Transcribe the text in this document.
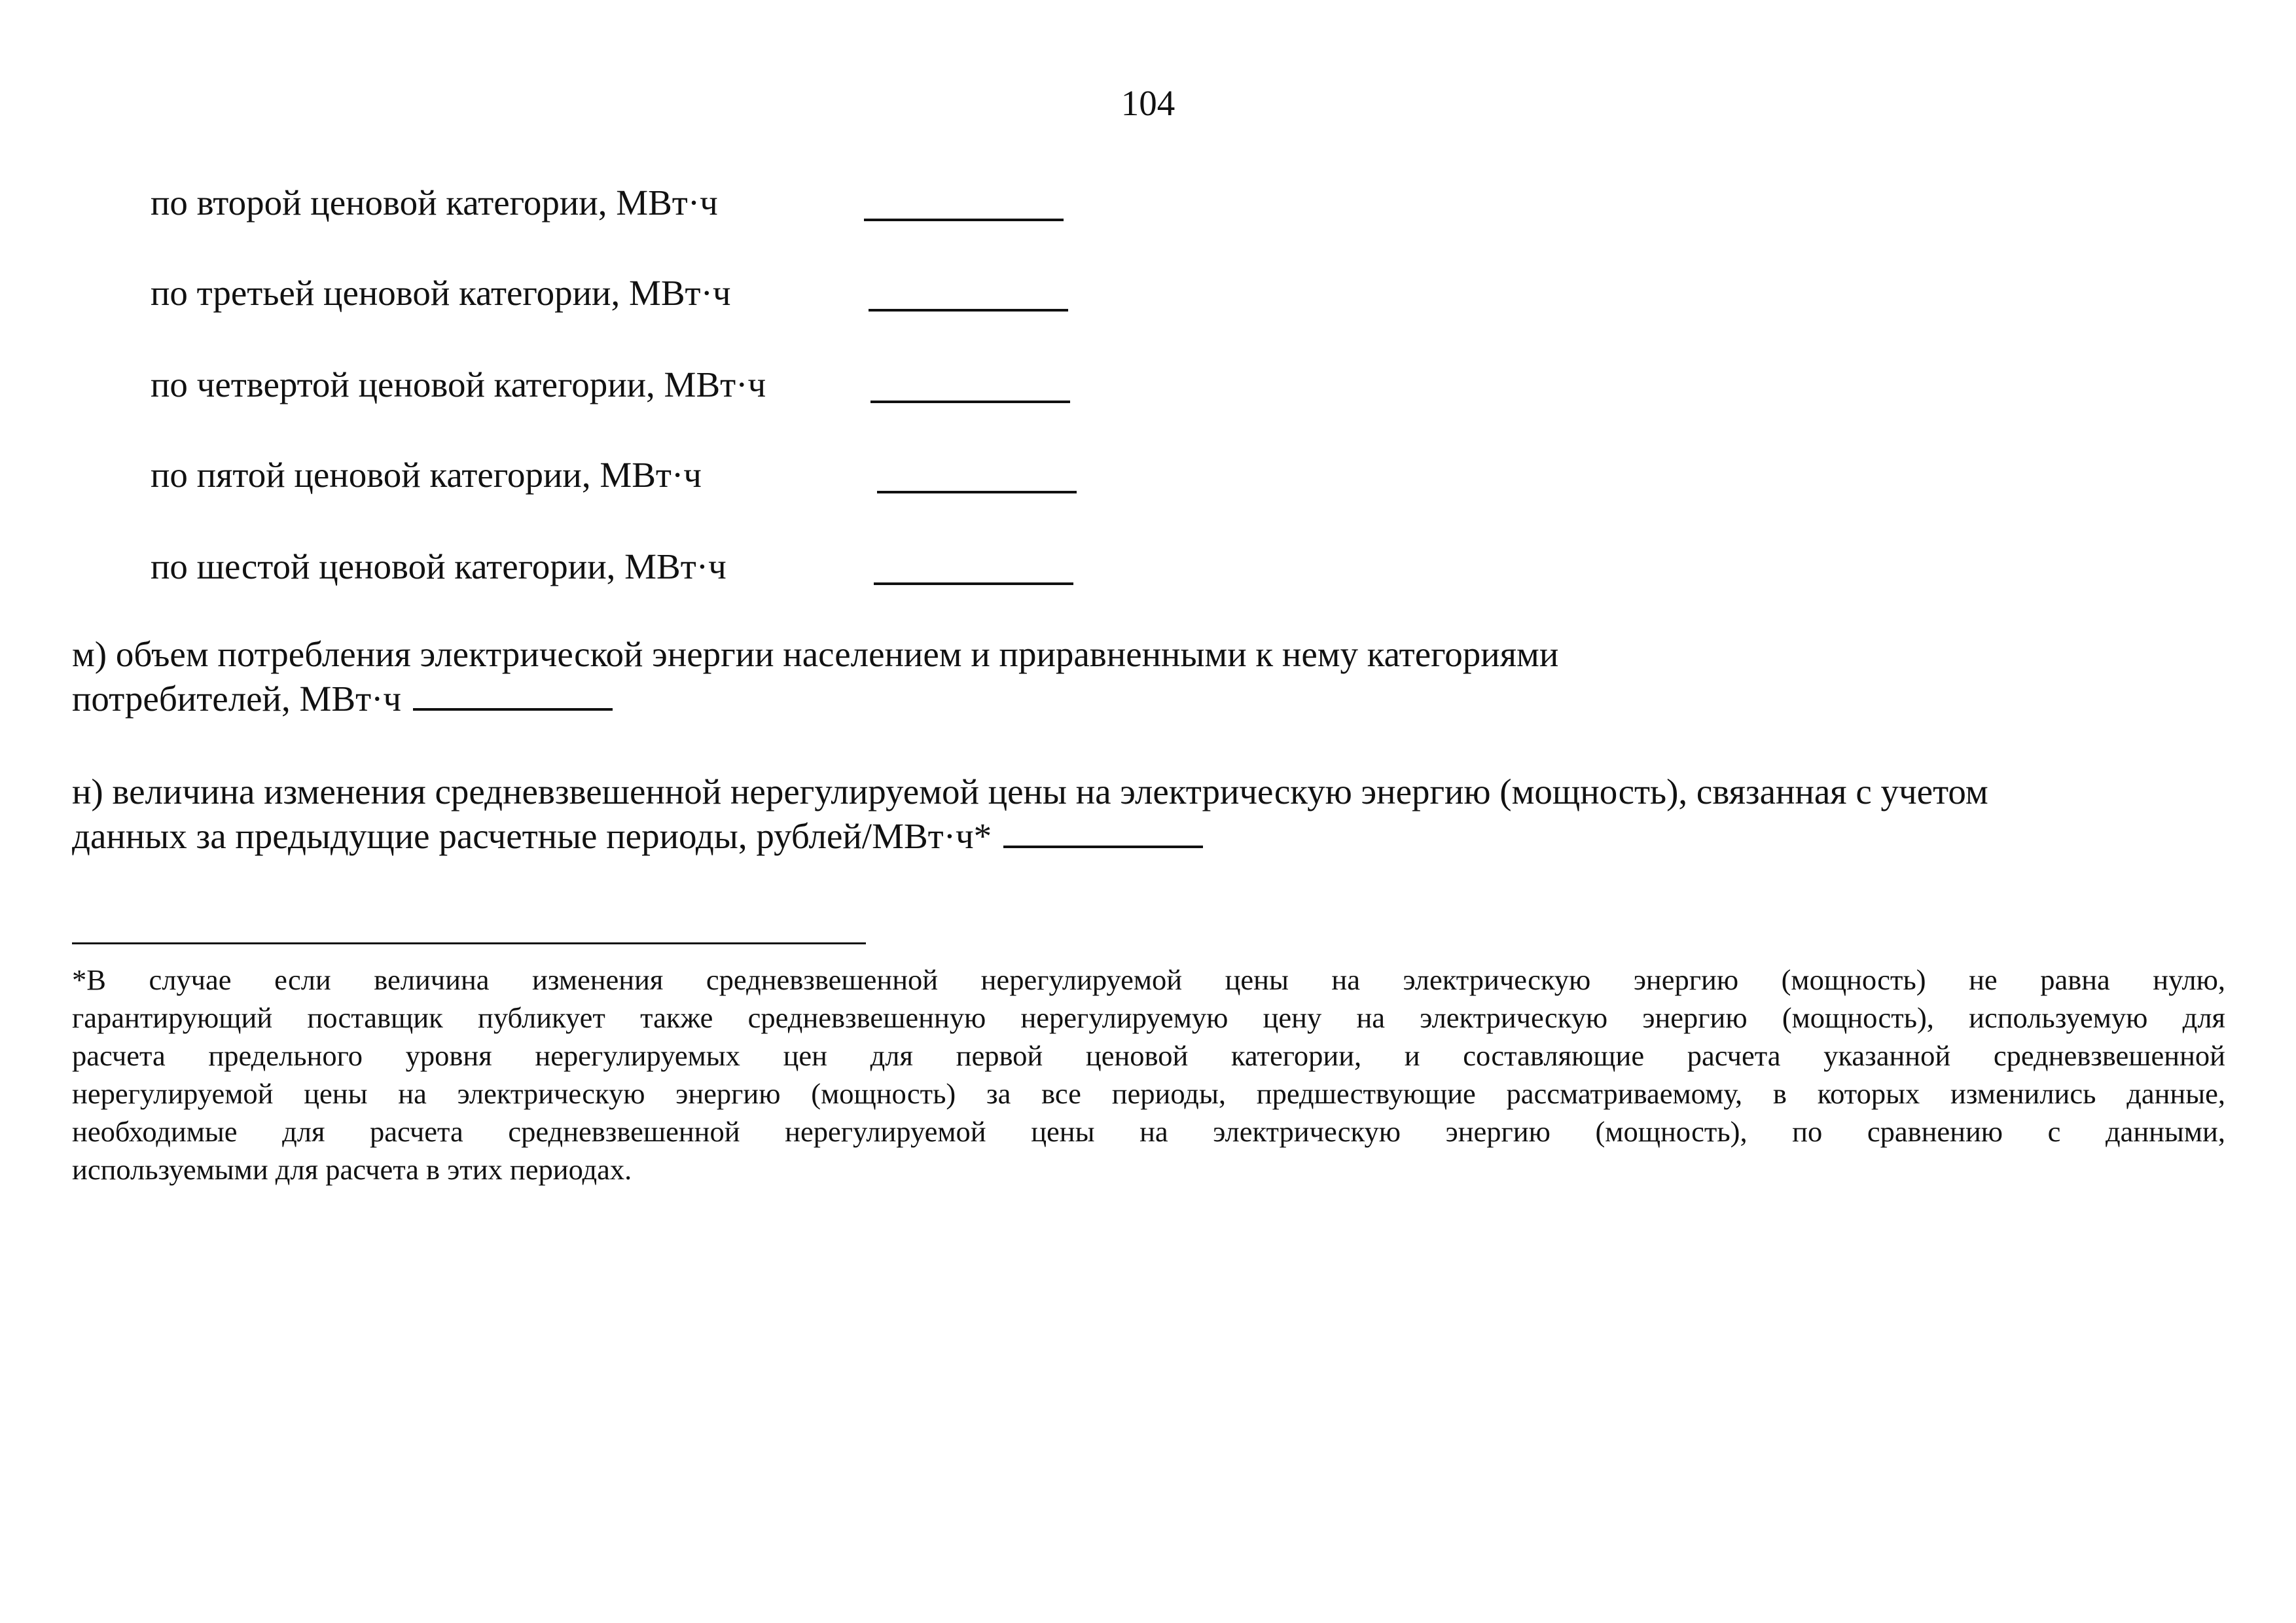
104
по второй ценовой категории, МВт·ч
по третьей ценовой категории, МВт·ч
по четвертой ценовой категории, МВт·ч
по пятой ценовой категории, МВт·ч
по шестой ценовой категории, МВт·ч
м) объем потребления электрической энергии населением и приравненными к нему категориями
потребителей, МВт·ч
н) величина изменения средневзвешенной нерегулируемой цены на электрическую энергию (мощность), связанная с учетом
данных за предыдущие расчетные периоды, рублей/МВт·ч*
*В случае если величина изменения средневзвешенной нерегулируемой цены на электрическую энергию (мощность) не равна нулю,
гарантирующий поставщик публикует также средневзвешенную нерегулируемую цену на электрическую энергию (мощность), используемую для
расчета предельного уровня нерегулируемых цен для первой ценовой категории, и составляющие расчета указанной средневзвешенной
нерегулируемой цены на электрическую энергию (мощность) за все периоды, предшествующие рассматриваемому, в которых изменились данные,
необходимые для расчета средневзвешенной нерегулируемой цены на электрическую энергию (мощность), по сравнению с данными,
используемыми для расчета в этих периодах.
